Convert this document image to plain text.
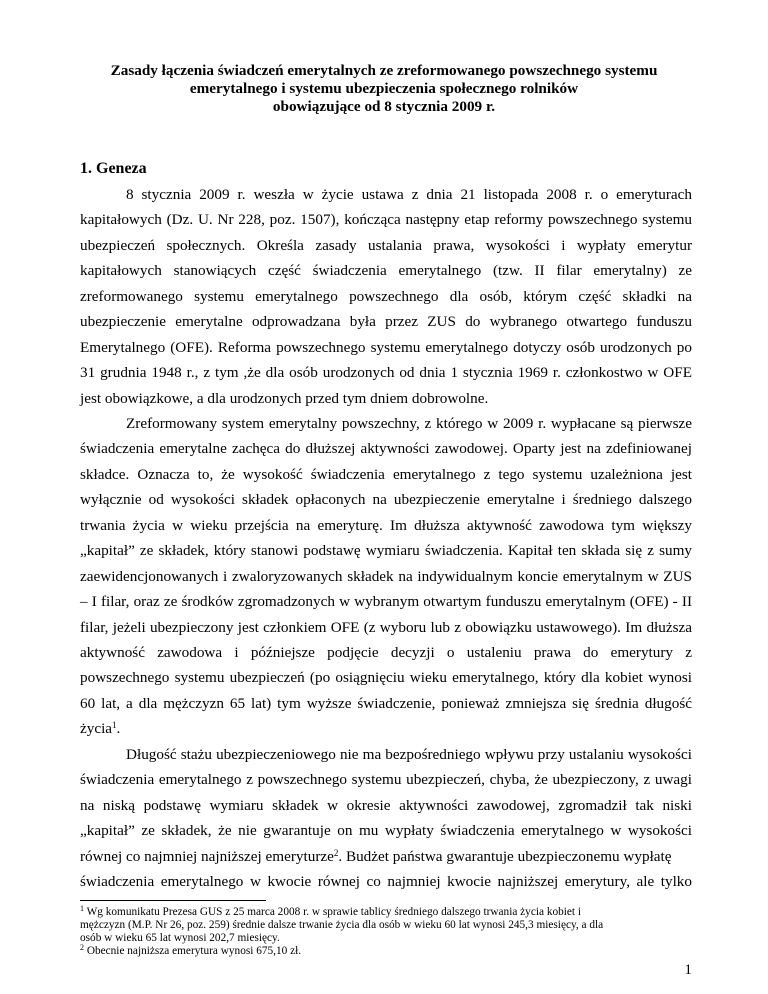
Zasady łączenia świadczeń emerytalnych ze zreformowanego powszechnego systemu
emerytalnego i systemu ubezpieczenia społecznego rolników
obowiązujące od 8 stycznia 2009 r.
1. Geneza
8 stycznia 2009 r. weszła w życie ustawa z dnia 21 listopada 2008 r. o emeryturach
kapitałowych (Dz. U. Nr 228, poz. 1507), kończąca następny etap reformy powszechnego systemu
ubezpieczeń społecznych. Określa zasady ustalania prawa, wysokości i wypłaty emerytur
kapitałowych stanowiących część świadczenia emerytalnego (tzw. II filar emerytalny) ze
zreformowanego systemu emerytalnego powszechnego dla osób, którym część składki na
ubezpieczenie emerytalne odprowadzana była przez ZUS do wybranego otwartego funduszu
Emerytalnego (OFE). Reforma powszechnego systemu emerytalnego dotyczy osób urodzonych po
31 grudnia 1948 r., z tym ,że dla osób urodzonych od dnia 1 stycznia 1969 r. członkostwo w OFE
jest obowiązkowe, a dla urodzonych przed tym dniem dobrowolne.
Zreformowany system emerytalny powszechny, z którego w 2009 r. wypłacane są pierwsze
świadczenia emerytalne zachęca do dłuższej aktywności zawodowej. Oparty jest na zdefiniowanej
składce. Oznacza to, że wysokość świadczenia emerytalnego z tego systemu uzależniona jest
wyłącznie od wysokości składek opłaconych na ubezpieczenie emerytalne i średniego dalszego
trwania życia w wieku przejścia na emeryturę. Im dłuższa aktywność zawodowa tym większy
„kapitał” ze składek, który stanowi podstawę wymiaru świadczenia. Kapitał ten składa się z sumy
zaewidencjonowanych i zwaloryzowanych składek na indywidualnym koncie emerytalnym w ZUS
– I filar, oraz ze środków zgromadzonych w wybranym otwartym funduszu emerytalnym (OFE) - II
filar, jeżeli ubezpieczony jest członkiem OFE (z wyboru lub z obowiązku ustawowego). Im dłuższa
aktywność zawodowa i późniejsze podjęcie decyzji o ustaleniu prawa do emerytury z
powszechnego systemu ubezpieczeń (po osiągnięciu wieku emerytalnego, który dla kobiet wynosi
60 lat, a dla mężczyzn 65 lat) tym wyższe świadczenie, ponieważ zmniejsza się średnia długość
życia$^1$.
Długość stażu ubezpieczeniowego nie ma bezpośredniego wpływu przy ustalaniu wysokości
świadczenia emerytalnego z powszechnego systemu ubezpieczeń, chyba, że ubezpieczony, z uwagi
na niską podstawę wymiaru składek w okresie aktywności zawodowej, zgromadził tak niski
„kapitał” ze składek, że nie gwarantuje on mu wypłaty świadczenia emerytalnego w wysokości
równej co najmniej najniższej emeryturze$^2$. Budżet państwa gwarantuje ubezpieczonemu wypłatę
świadczenia emerytalnego w kwocie równej co najmniej kwocie najniższej emerytury, ale tylko
$^1$ Wg komunikatu Prezesa GUS z 25 marca 2008 r. w sprawie tablicy średniego dalszego trwania życia kobiet i
mężczyzn (M.P. Nr 26, poz. 259) średnie dalsze trwanie życia dla osób w wieku 60 lat wynosi 245,3 miesięcy, a dla
osób w wieku 65 lat wynosi 202,7 miesięcy.
$^2$ Obecnie najniższa emerytura wynosi 675,10 zł.
1
